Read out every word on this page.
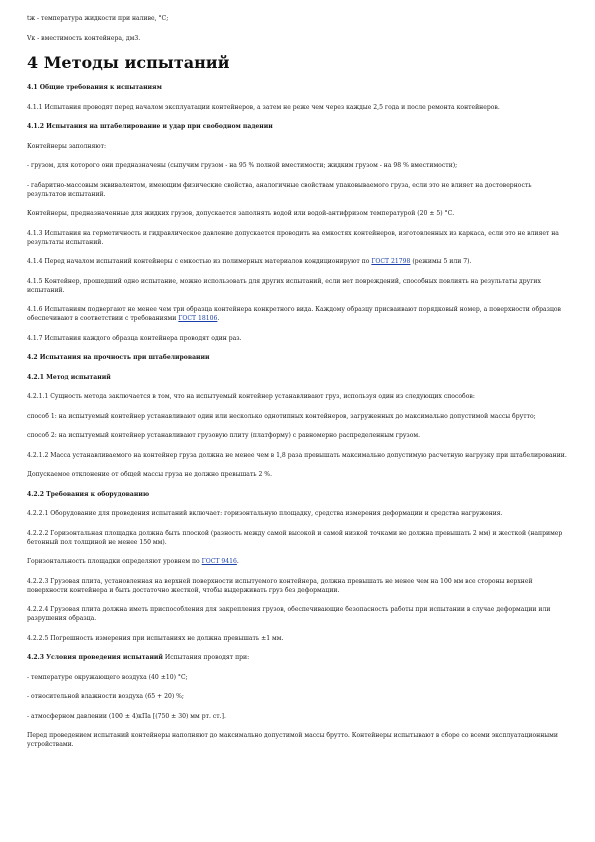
tж - температура жидкости при наливе, °С;

Vк - вместимость контейнера, дм3.

4 Методы испытаний

4.1 Общие требования к испытаниям

4.1.1 Испытания проводят перед началом эксплуатации контейнеров, а затем не реже чем через каждые 2,5 года и после ремонта контейнеров.

4.1.2 Испытания на штабелирование и удар при свободном падении

Контейнеры заполняют:

- грузом, для которого они предназначены (сыпучим грузом - на 95 % полной вместимости; жидким грузом - на 98 % вместимости);

- габаритно-массовым эквивалентом, имеющим физические свойства, аналогичные свойствам упаковываемого груза, если это не влияет на достоверность результатов испытаний.

Контейнеры, предназначенные для жидких грузов, допускается заполнять водой или водой-антифризом температурой (20 ± 5) °С.

4.1.3 Испытания на герметичность и гидравлическое давление допускается проводить на емкостях контейнеров, изготовленных из каркаса, если это не влияет на результаты испытаний.

4.1.4 Перед началом испытаний контейнеры с емкостью из полимерных материалов кондиционируют по ГОСТ 21798 (режимы 5 или 7).

4.1.5 Контейнер, прошедший одно испытание, можно использовать для других испытаний, если нет повреждений, способных повлиять на результаты других испытаний.

4.1.6 Испытаниям подвергают не менее чем три образца контейнера конкретного вида. Каждому образцу присваивают порядковый номер, а поверхности образцов обеспечивают в соответствии с требованиями ГОСТ 18106.

4.1.7 Испытания каждого образца контейнера проводят один раз.

4.2 Испытания на прочность при штабелировании

4.2.1 Метод испытаний

4.2.1.1 Сущность метода заключается в том, что на испытуемый контейнер устанавливают груз, используя один из следующих способов:

способ 1: на испытуемый контейнер устанавливают один или несколько однотипных контейнеров, загруженных до максимально допустимой массы брутто;

способ 2: на испытуемый контейнер устанавливают грузовую плиту (платформу) с равномерно распределенным грузом.

4.2.1.2 Масса устанавливаемого на контейнер груза должна не менее чем в 1,8 раза превышать максимально допустимую расчетную нагрузку при штабелировании.

Допускаемое отклонение от общей массы груза не должно превышать 2 %.

4.2.2 Требования к оборудованию

4.2.2.1 Оборудование для проведения испытаний включает: горизонтальную площадку, средства измерения деформации и средства нагружения.

4.2.2.2 Горизонтальная площадка должна быть плоской (разность между самой высокой и самой низкой точками не должна превышать 2 мм) и жесткой (например бетонный пол толщиной не менее 150 мм).

Горизонтальность площадки определяют уровнем по ГОСТ 9416.

4.2.2.3 Грузовая плита, установленная на верхней поверхности испытуемого контейнера, должна превышать не менее чем на 100 мм все стороны верхней поверхности контейнера и быть достаточно жесткой, чтобы выдерживать груз без деформации.

4.2.2.4 Грузовая плита должна иметь приспособления для закрепления грузов, обеспечивающие безопасность работы при испытании в случае деформации или разрушения образца.

4.2.2.5 Погрешность измерения при испытаниях не должна превышать ±1 мм.

4.2.3 Условия проведения испытаний Испытания проводят при:

- температуре окружающего воздуха (40 ±10) °С;

- относительной влажности воздуха (65 + 20) %;

- атмосферном давлении (100 ± 4)кПа [(750 ± 30) мм рт. ст.].

Перед проведением испытаний контейнеры наполняют до максимально допустимой массы брутто. Контейнеры испытывают в сборе со всеми эксплуатационными устройствами.
